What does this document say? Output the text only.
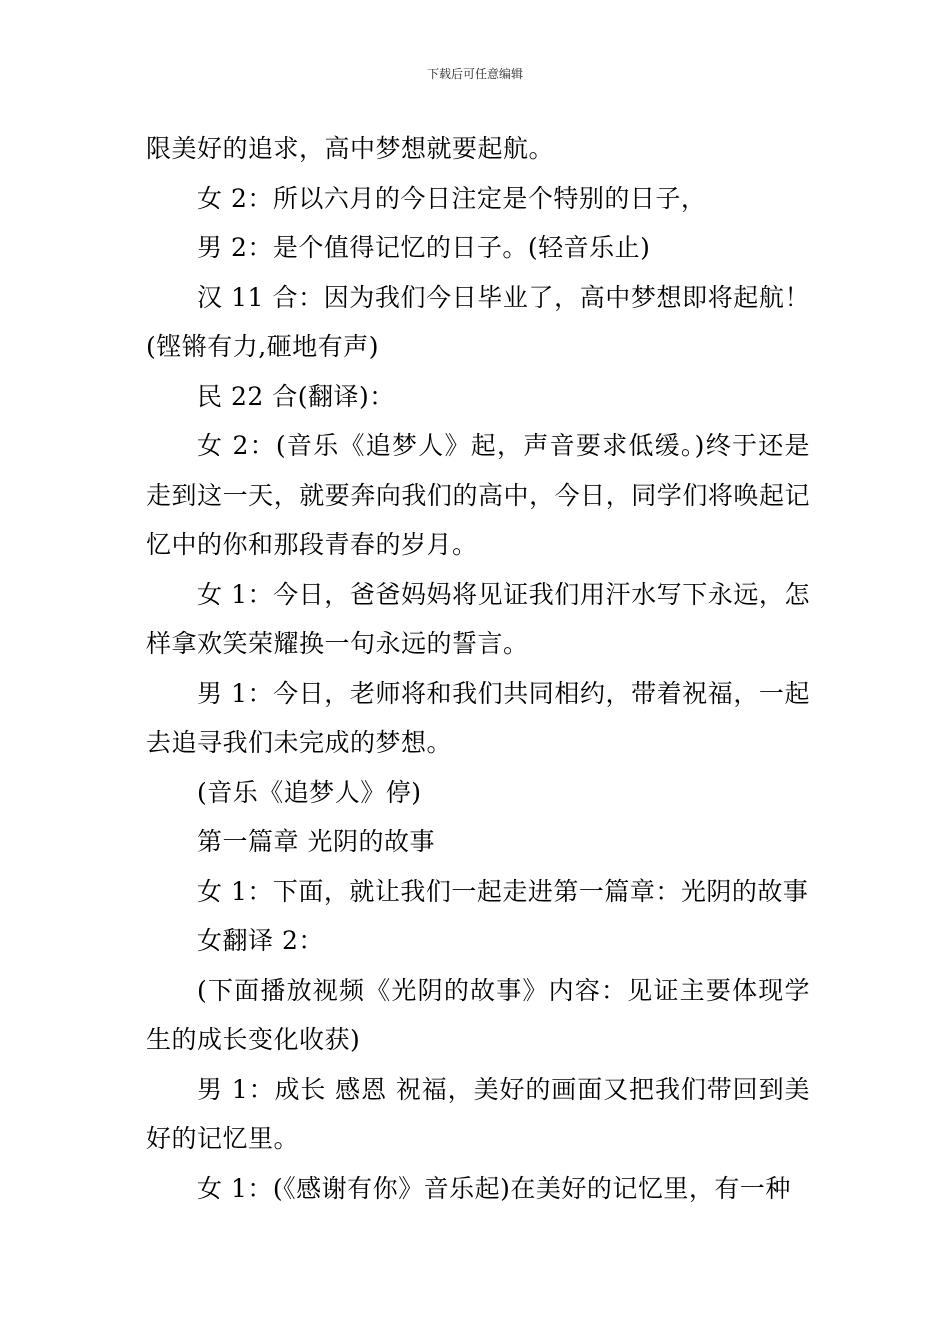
下载后可任意编辑

限美好的追求，高中梦想就要起航。

女 2：所以六月的今日注定是个特别的日子，

男 2：是个值得记忆的日子。(轻音乐止)

汉 11 合：因为我们今日毕业了，高中梦想即将起航！(铿锵有力,砸地有声)

民 22 合(翻译)：

女 2：(音乐《追梦人》起，声音要求低缓。)终于还是走到这一天，就要奔向我们的高中，今日，同学们将唤起记忆中的你和那段青春的岁月。

女 1：今日，爸爸妈妈将见证我们用汗水写下永远，怎样拿欢笑荣耀换一句永远的誓言。

男 1：今日，老师将和我们共同相约，带着祝福，一起去追寻我们未完成的梦想。

(音乐《追梦人》停)

第一篇章 光阴的故事

女 1：下面，就让我们一起走进第一篇章：光阴的故事

女翻译 2：

(下面播放视频《光阴的故事》内容：见证主要体现学生的成长变化收获)

男 1：成长 感恩 祝福，美好的画面又把我们带回到美好的记忆里。

女 1：(《感谢有你》音乐起)在美好的记忆里，有一种
